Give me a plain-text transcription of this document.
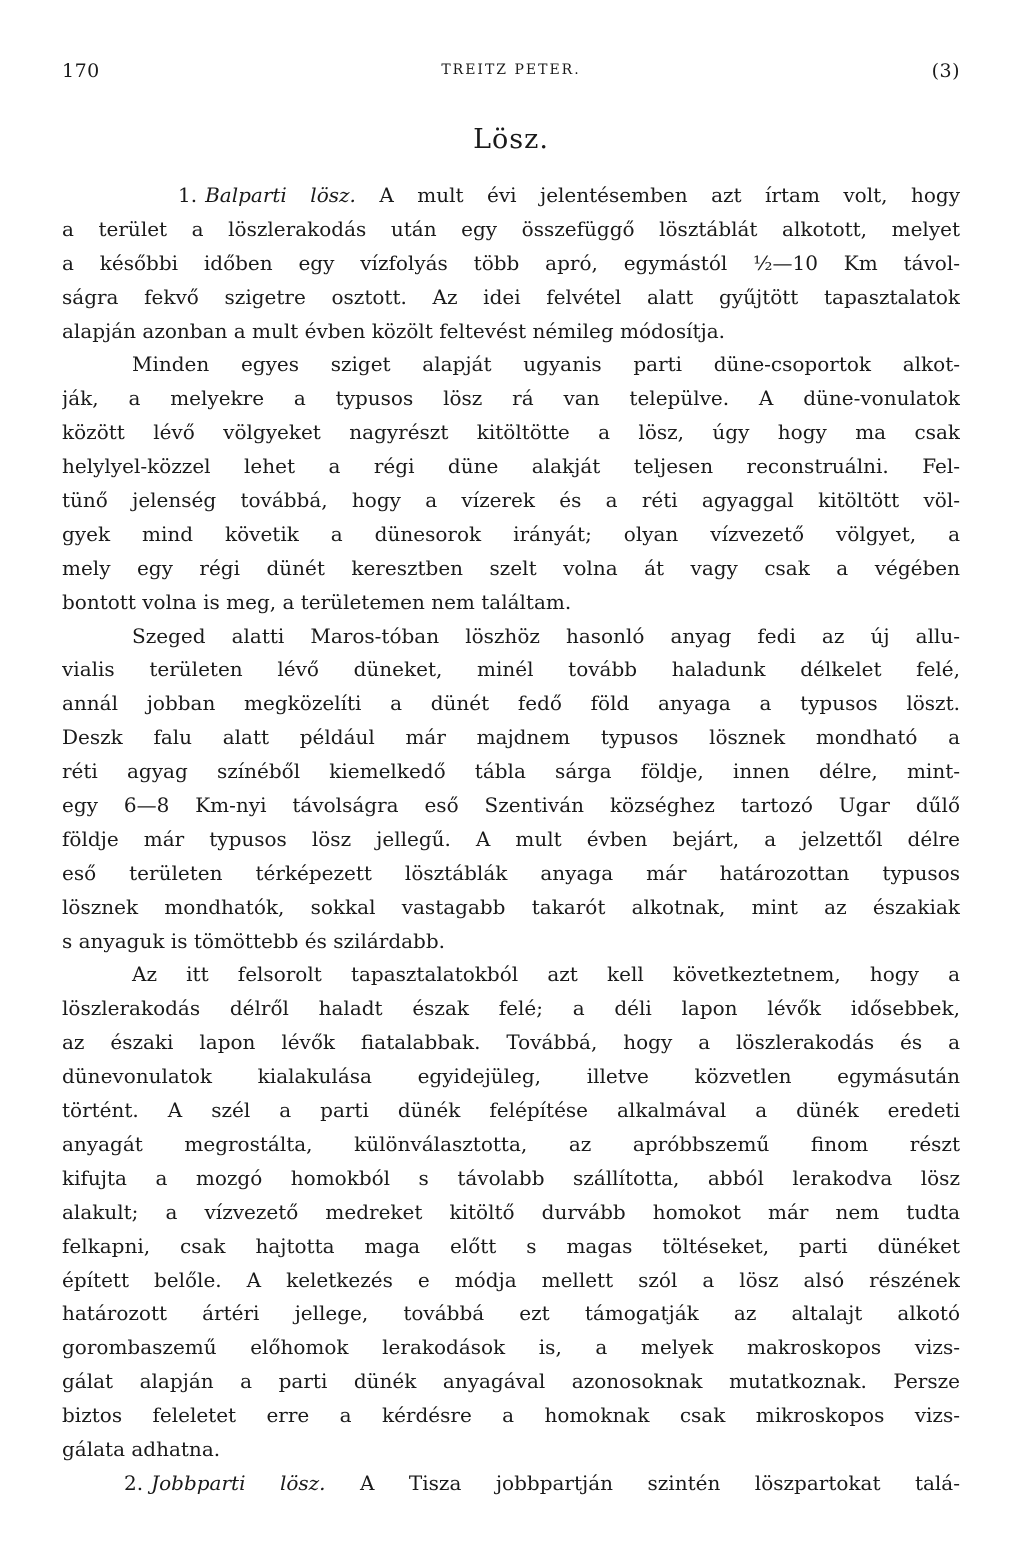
170	TREITZ PETER.	(3)
Lösz.
1. Balparti lösz. A mult évi jelentésemben azt írtam volt, hogy
a terület a löszlerakodás után egy összefüggő lösztáblát alkotott, melyet
a későbbi időben egy vízfolyás több apró, egymástól ½—10 Km távol-
ságra fekvő szigetre osztott. Az idei felvétel alatt gyűjtött tapasztalatok
alapján azonban a mult évben közölt feltevést némileg módosítja.
Minden egyes sziget alapját ugyanis parti düne-csoportok alkot-
ják, a melyekre a typusos lösz rá van települve. A düne-vonulatok
között lévő völgyeket nagyrészt kitöltötte a lösz, úgy hogy ma csak
helylyel-közzel lehet a régi düne alakját teljesen reconstruálni. Fel-
tünő jelenség továbbá, hogy a vízerek és a réti agyaggal kitöltött völ-
gyek mind követik a dünesorok irányát; olyan vízvezető völgyet, a
mely egy régi dünét keresztben szelt volna át vagy csak a végében
bontott volna is meg, a területemen nem találtam.
Szeged alatti Maros-tóban löszhöz hasonló anyag fedi az új allu-
vialis területen lévő düneket, minél tovább haladunk délkelet felé,
annál jobban megközelíti a dünét fedő föld anyaga a typusos löszt.
Deszk falu alatt például már majdnem typusos lösznek mondható a
réti agyag színéből kiemelkedő tábla sárga földje, innen délre, mint-
egy 6—8 Km-nyi távolságra eső Szentiván községhez tartozó Ugar dűlő
földje már typusos lösz jellegű. A mult évben bejárt, a jelzettől délre
eső területen térképezett lösztáblák anyaga már határozottan typusos
lösznek mondhatók, sokkal vastagabb takarót alkotnak, mint az északiak
s anyaguk is tömöttebb és szilárdabb.
Az itt felsorolt tapasztalatokból azt kell következtetnem, hogy a
löszlerakodás délről haladt észak felé; a déli lapon lévők idősebbek,
az északi lapon lévők fiatalabbak. Továbbá, hogy a löszlerakodás és a
dünevonulatok kialakulása egyidejüleg, illetve közvetlen egymásután
történt. A szél a parti dünék felépítése alkalmával a dünék eredeti
anyagát megrostálta, különválasztotta, az apróbbszemű finom részt
kifujta a mozgó homokból s távolabb szállította, abból lerakodva lösz
alakult; a vízvezető medreket kitöltő durvább homokot már nem tudta
felkapni, csak hajtotta maga előtt s magas töltéseket, parti dünéket
épített belőle. A keletkezés e módja mellett szól a lösz alsó részének
határozott ártéri jellege, továbbá ezt támogatják az altalajt alkotó
gorombaszemű előhomok lerakodások is, a melyek makroskopos vizs-
gálat alapján a parti dünék anyagával azonosoknak mutatkoznak. Persze
biztos feleletet erre a kérdésre a homoknak csak mikroskopos vizs-
gálata adhatna.
2. Jobbparti lösz. A Tisza jobbpartján szintén löszpartokat talá-
